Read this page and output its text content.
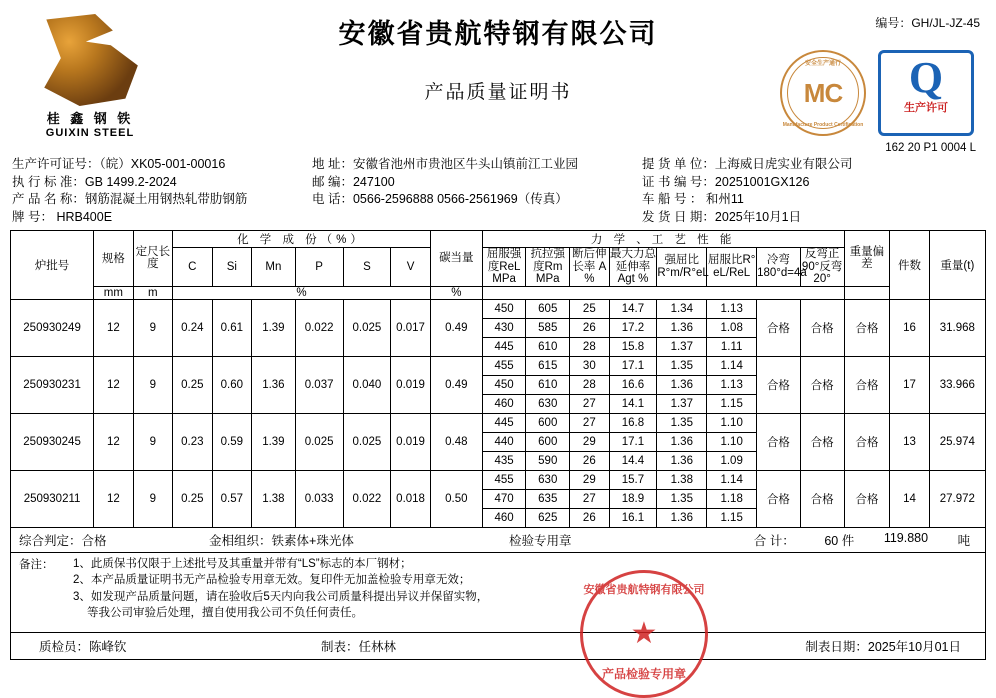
桂 鑫 钢 铁
GUIXIN STEEL
安徽省贵航特钢有限公司
产品质量证明书
编号：GH/JL-JZ-45
安全生产通行
MC
Manufacture Product Certification
Q
生产许可
162 20 P1 0004 L
生产许可证号：（皖）XK05-001-00016
执 行 标 准：GB 1499.2-2024
产 品 名 称：钢筋混凝土用钢热轧带肋钢筋
牌 号： HRB400E
地 址：安徽省池州市贵池区牛头山镇前江工业园
邮 编：247100
电 话：0566-2596888 0566-2561969（传真）
提 货 单 位：上海威日虎实业有限公司
证 书 编 号：20251001GX126
车 船 号 ： 和州11
发 货 日 期：2025年10月1日
炉批号	规格	定尺长度	化 学 成 份（%）						碳当量	力 学 、工 艺 性 能								重量偏差	件数	重量(t)
			C	Si	Mn	P	S	V		屈服强度ReL MPa	抗拉强度Rm MPa	断后伸长率 A %	最大力总延伸率 Agt %	强屈比R°m/R°eL	屈服比R° eL/ReL	冷弯180°d=4a	反弯正90°反弯20°			
	mm	m	%						%											
250930249	12	9	0.24	0.61	1.39	0.022	0.025	0.017	0.49	450	605	25	14.7	1.34	1.13	合格	合格	合格	16	31.968
										430	585	26	17.2	1.36	1.08					
										445	610	28	15.8	1.37	1.11					
250930231	12	9	0.25	0.60	1.36	0.037	0.040	0.019	0.49	455	615	30	17.1	1.35	1.14	合格	合格	合格	17	33.966
										450	610	28	16.6	1.36	1.13					
										460	630	27	14.1	1.37	1.15					
250930245	12	9	0.23	0.59	1.39	0.025	0.025	0.019	0.48	445	600	27	16.8	1.35	1.10	合格	合格	合格	13	25.974
										440	600	29	17.1	1.36	1.10					
										435	590	26	14.4	1.36	1.09					
250930211	12	9	0.25	0.57	1.38	0.033	0.022	0.018	0.50	455	630	29	15.7	1.38	1.14	合格	合格	合格	14	27.972
										470	635	27	18.9	1.35	1.18					
										460	625	26	16.1	1.36	1.15					
综合判定：合格	金相组织：铁素体+珠光体	检验专用章	合 计： 60 件 119.880 吨
备注： 1、此质保书仅限于上述批号及其重量并带有“LS”标志的本厂钢材；
2、本产品质量证明书无产品检验专用章无效。复印件无加盖检验专用章无效；
3、如发现产品质量问题，请在验收后5天内向我公司质量科提出异议并保留实物，
等我公司审验后处理，擅自使用我公司不负任何责任。
质检员：陈峰钦	制表：任林林	制表日期：2025年10月01日
安徽省贵航特钢有限公司
★
产品检验专用章
